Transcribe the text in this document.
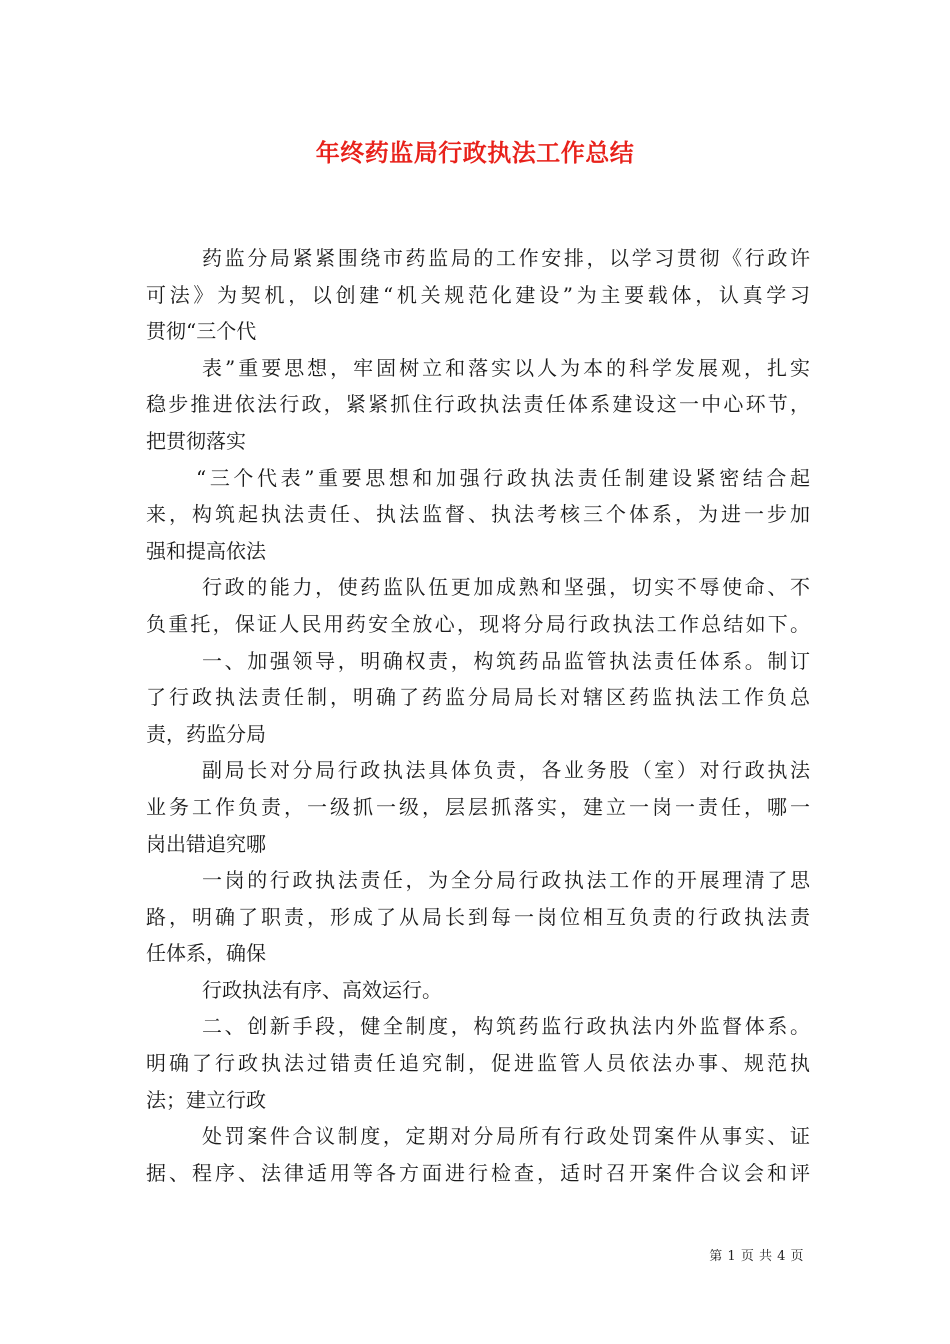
年终药监局行政执法工作总结
药监分局紧紧围绕市药监局的工作安排，以学习贯彻《行政许
可法》为契机，以创建“机关规范化建设”为主要载体，认真学习
贯彻“三个代
表”重要思想，牢固树立和落实以人为本的科学发展观，扎实
稳步推进依法行政，紧紧抓住行政执法责任体系建设这一中心环节，
把贯彻落实
“三个代表”重要思想和加强行政执法责任制建设紧密结合起
来，构筑起执法责任、执法监督、执法考核三个体系，为进一步加
强和提高依法
行政的能力，使药监队伍更加成熟和坚强，切实不辱使命、不
负重托，保证人民用药安全放心，现将分局行政执法工作总结如下。
一、加强领导，明确权责，构筑药品监管执法责任体系。制订
了行政执法责任制，明确了药监分局局长对辖区药监执法工作负总
责，药监分局
副局长对分局行政执法具体负责，各业务股（室）对行政执法
业务工作负责，一级抓一级，层层抓落实，建立一岗一责任，哪一
岗出错追究哪
一岗的行政执法责任，为全分局行政执法工作的开展理清了思
路，明确了职责，形成了从局长到每一岗位相互负责的行政执法责
任体系，确保
行政执法有序、高效运行。
二、创新手段，健全制度，构筑药监行政执法内外监督体系。
明确了行政执法过错责任追究制，促进监管人员依法办事、规范执
法；建立行政
处罚案件合议制度，定期对分局所有行政处罚案件从事实、证
据、程序、法律适用等各方面进行检查，适时召开案件合议会和评
第 1 页 共 4 页
